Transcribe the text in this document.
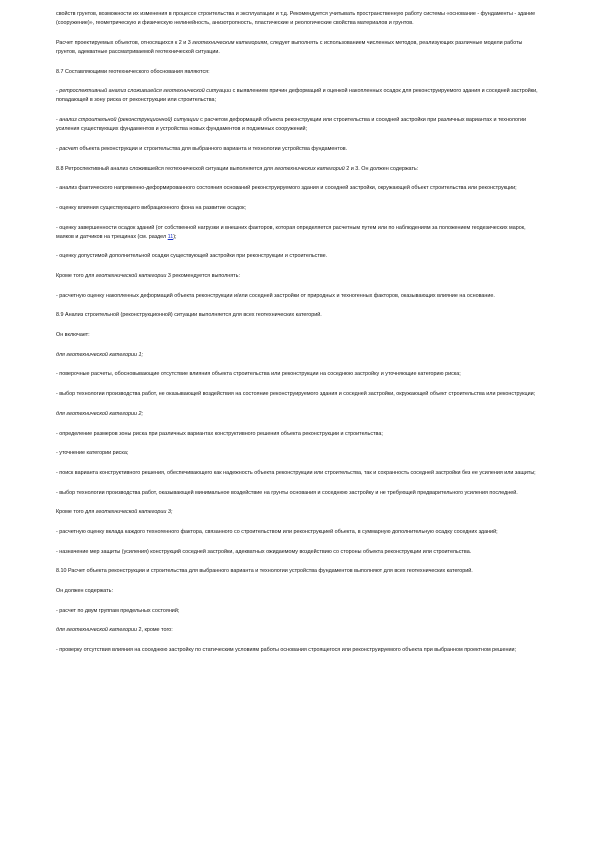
свойств грунтов, возможности их изменения в процессе строительства и эксплуатации и т.д. Рекомендуется учитывать пространственную работу системы «основание - фундаменты - здание (сооружение)», геометрическую и физическую нелинейность, анизотропность, пластические и реологические свойства материалов и грунтов.

Расчет проектируемых объектов, относящихся к 2 и 3 геотехническим категориям, следует выполнять с использованием численных методов, реализующих различные модели работы грунтов, адекватные рассматриваемой геотехнической ситуации.

8.7 Составляющими геотехнического обоснования являются:

- ретроспективный анализ сложившейся геотехнической ситуации с выявлением причин деформаций и оценкой накопленных осадок для реконструируемого здания и соседней застройки, попадающей в зону риска от реконструкции или строительства;

- анализ строительной (реконструкционной) ситуации с расчетом деформаций объекта реконструкции или строительства и соседней застройки при различных вариантах и технологии усиления существующих фундаментов и устройства новых фундаментов и подземных сооружений;

- расчет объекта реконструкции и строительства для выбранного варианта и технологии устройства фундаментов.

8.8 Ретроспективный анализ сложившейся геотехнической ситуации выполняется для геотехнических категорий 2 и 3. Он должен содержать:

- анализ фактического напряженно-деформированного состояния оснований реконструируемого здания и соседней застройки, окружающей объект строительства или реконструкции;

- оценку влияния существующего вибрационного фона на развитие осадок;

- оценку завершенности осадок зданий (от собственной нагрузки и внешних факторов, которая определяется расчетным путем или по наблюдениям за положением геодезических марок, маяков и датчиков на трещинах (см. раздел 11);

- оценку допустимой дополнительной осадки существующей застройки при реконструкции и строительстве.

Кроме того для геотехнической категории 3 рекомендуется выполнять:

- расчетную оценку накопленных деформаций объекта реконструкции и/или соседней застройки от природных и техногенных факторов, оказывающих влияние на основание.

8.9 Анализ строительной (реконструкционной) ситуации выполняется для всех геотехнических категорий.

Он включает:

для геотехнической категории 1;

- поверочные расчеты, обосновывающие отсутствие влияния объекта строительства или реконструкции на соседнюю застройку и уточняющие категорию риска;

- выбор технологии производства работ, не оказывающей воздействия на состояние реконструируемого здания и соседней застройки, окружающей объект строительства или реконструкции;

для геотехнической категории 2;

- определение размеров зоны риска при различных вариантах конструктивного решения объекта реконструкции и строительства;

- уточнение категории риска;

- поиск варианта конструктивного решения, обеспечивающего как надежность объекта реконструкции или строительства, так и сохранность соседней застройки без ее усиления или защиты;

- выбор технологии производства работ, оказывающей минимальное воздействие на грунты основания и соседнюю застройку и не требующей предварительного усиления последней.

Кроме того для геотехнической категории 3;

- расчетную оценку вклада каждого техногенного фактора, связанного со строительством или реконструкцией объекта, в суммарную дополнительную осадку соседних зданий;

- назначение мер защиты (усиления) конструкций соседней застройки, адекватных ожидаемому воздействию со стороны объекта реконструкции или строительства.

8.10 Расчет объекта реконструкции и строительства для выбранного варианта и технологии устройства фундаментов выполняют для всех геотехнических категорий.

Он должен содержать:

- расчет по двум группам предельных состояний;

для геотехнической категории 2, кроме того:

- проверку отсутствия влияния на соседнюю застройку по статическим условиям работы основания строящегося или реконструируемого объекта при выбранном проектном решении;
